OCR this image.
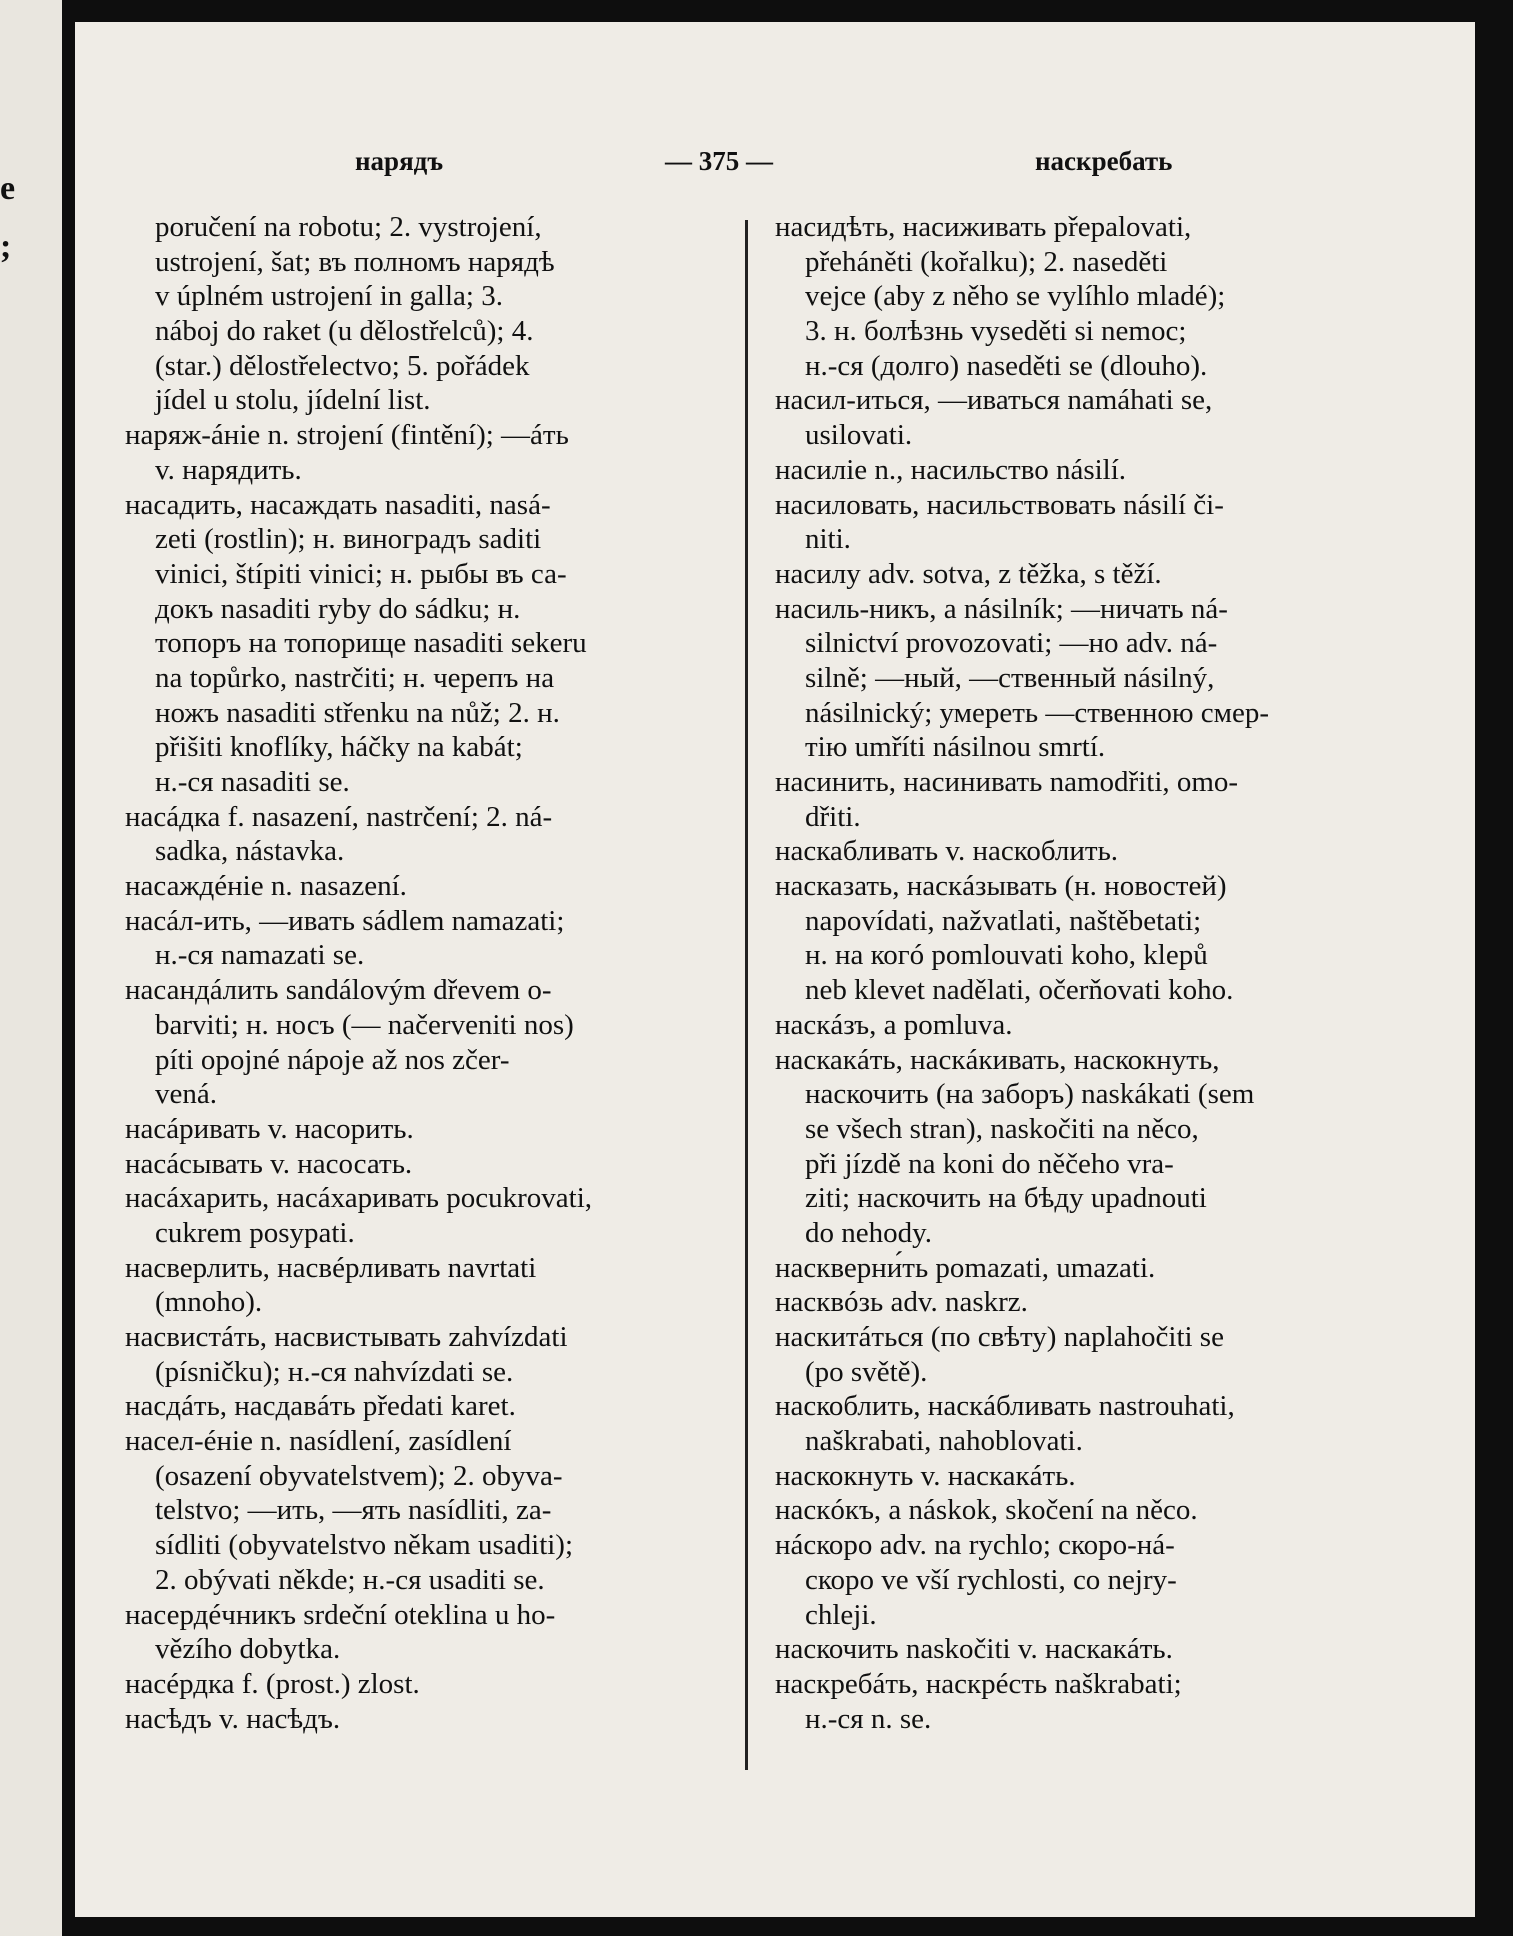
e
;
нарядъ	— 375 —	наскребать
poručení na robotu; 2. vystrojení,
ustrojení, šat; въ полномъ нарядѣ
v úplném ustrojení in galla; 3.
náboj do raket (u dělostřelců); 4.
(star.) dělostřelectvo; 5. pořádek
jídel u stolu, jídelní list.
наряж-áніе n. strojení (fintění); —áть
v. нарядить.
насадить, насаждать nasaditi, nasá-
zeti (rostlin); н. виноградъ saditi
vinici, štípiti vinici; н. рыбы въ са-
докъ nasaditi ryby do sádku; н.
топоръ на топорище nasaditi sekeru
na topůrko, nastrčiti; н. черепъ на
ножъ nasaditi střenku na nůž; 2. н.
přišiti knoflíky, háčky na kabát;
н.-ся nasaditi se.
насáдка f. nasazení, nastrčení; 2. ná-
sadka, nástavka.
насаждéніе n. nasazení.
насáл-ить, —ивать sádlem namazati;
н.-ся namazati se.
насандáлить sandálovým dřevem o-
barviti; н. носъ (— načerveniti nos)
píti opojné nápoje až nos zčer-
vená.
насáривать v. насорить.
насáсывать v. насосать.
насáхарить, насáхаривать pocukrovati,
cukrem posypati.
насверлить, насвéрливать navrtati
(mnoho).
насвистáть, насвистывать zahvízdati
(písničku); н.-ся nahvízdati se.
насдáть, насдавáть předati karet.
насел-éніе n. nasídlení, zasídlení
(osazení obyvatelstvem); 2. obyva-
telstvo; —ить, —ять nasídliti, za-
sídliti (obyvatelstvo někam usaditi);
2. obývati někde; н.-ся usaditi se.
насердéчникъ srdeční oteklina u ho-
vězího dobytka.
насéрдка f. (prost.) zlost.
насѣдъ v. насѣдъ.
насидѣть, насиживать přepalovati,
přeháněti (kořalku); 2. naseděti
vejce (aby z něho se vylíhlo mladé);
3. н. болѣзнь vyseděti si nemoc;
н.-ся (долго) naseděti se (dlouho).
насил-иться, —иваться namáhati se,
usilovati.
насиліе n., насильство násilí.
насиловать, насильствовать násilí či-
niti.
насилу adv. sotva, z těžka, s těží.
насиль-никъ, a násilník; —ничать ná-
silnictví provozovati; —но adv. ná-
silně; —ный, —ственный násilný,
násilnický; умереть —ственною смер-
тію umříti násilnou smrtí.
насинить, насинивать namodřiti, omo-
dřiti.
наскабливать v. наскоблить.
насказать, наскáзывать (н. новостей)
napovídati, nažvatlati, naštěbetati;
н. на когó pomlouvati koho, klepů
neb klevet nadělati, očerňovati koho.
наскáзъ, a pomluva.
наскакáть, наскáкивать, наскокнуть,
наскочить (на заборъ) naskákati (sem
se všech stran), naskočiti na něco,
při jízdě na koni do něčeho vra-
ziti; наскочить на бѣду upadnouti
do nehody.
наскверни́ть pomazati, umazati.
насквóзь adv. naskrz.
наскитáться (по свѣту) naplahočiti se
(po světě).
наскоблить, наскáбливать nastrouhati,
naškrabati, nahoblovati.
наскокнуть v. наскакáть.
наскóкъ, a náskok, skočení na něco.
нáскоро adv. na rychlo; скоро-нá-
скоро ve vší rychlosti, co nejry-
chleji.
наскочить naskočiti v. наскакáть.
наскребáть, наскрéсть naškrabati;
н.-ся n. se.
